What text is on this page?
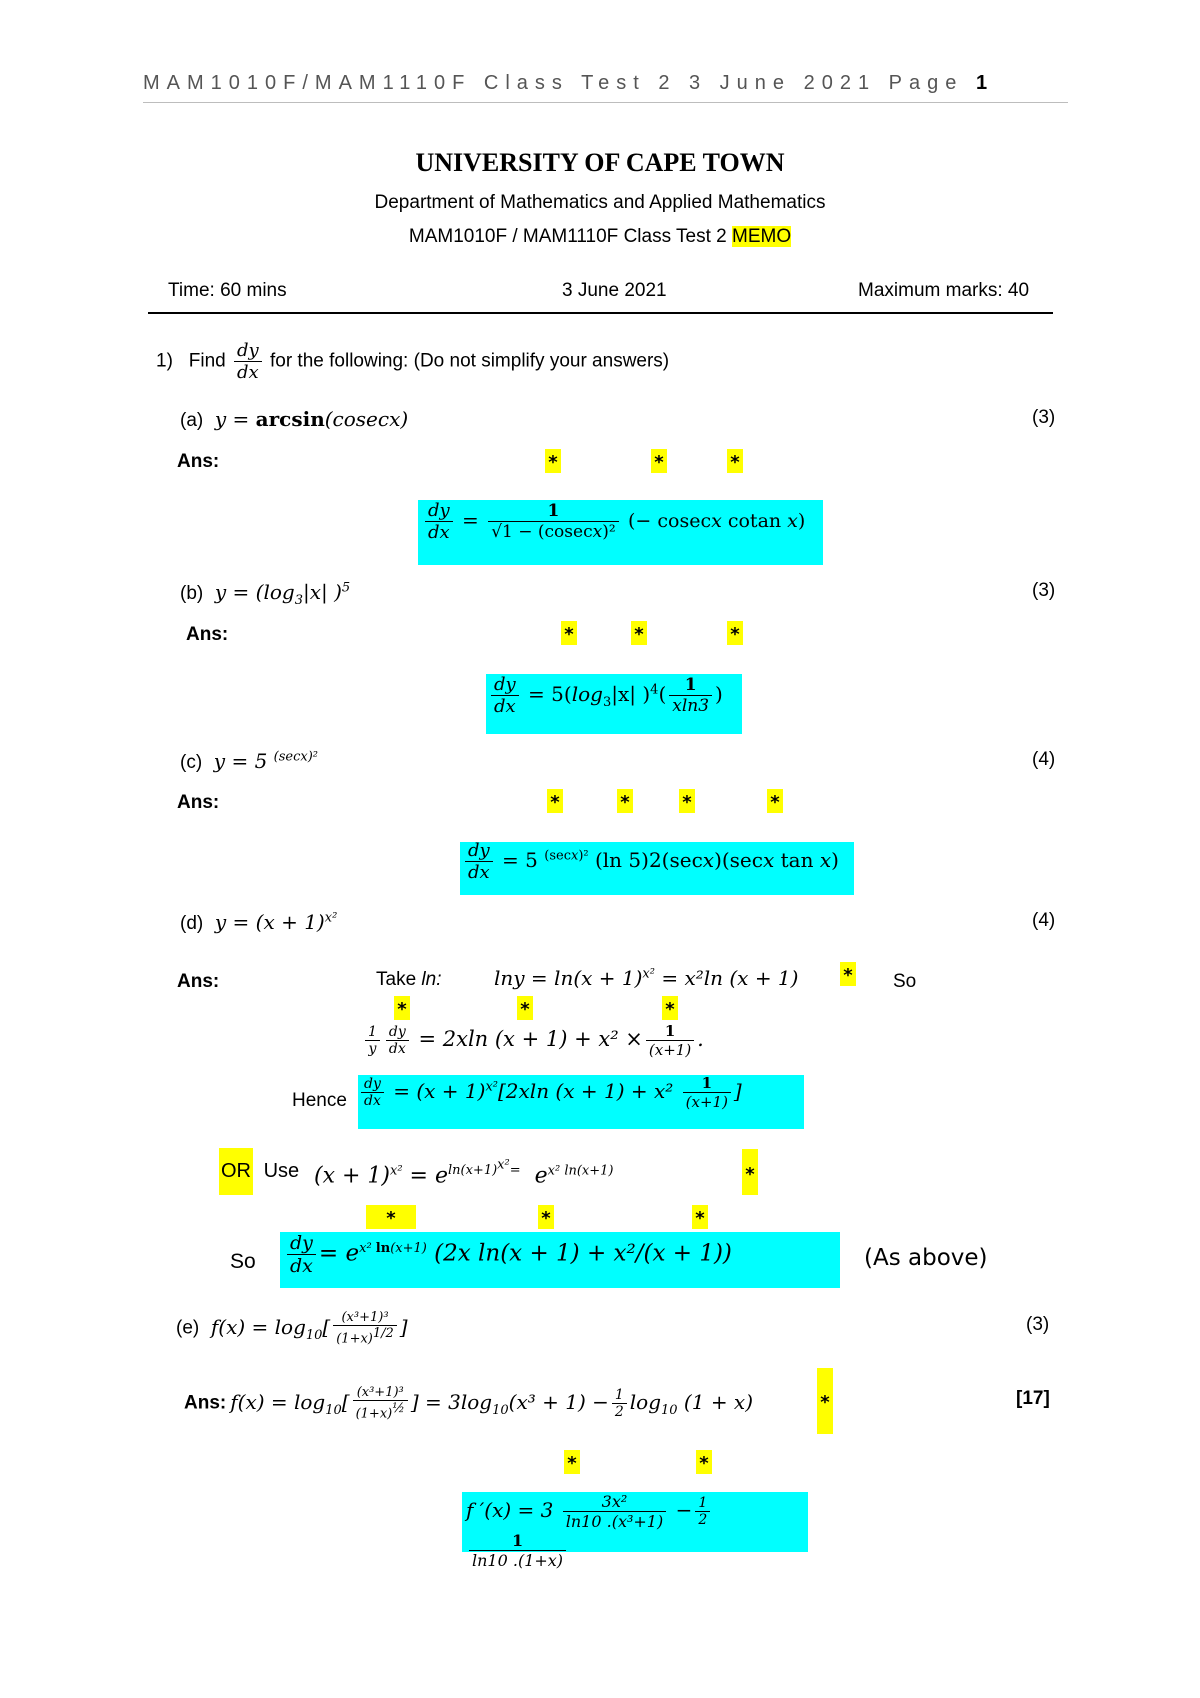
MAM1010F/MAM1110F Class Test 2 3 June 2021 Page 1
UNIVERSITY OF CAPE TOWN
Department of Mathematics and Applied Mathematics
MAM1010F / MAM1110F Class Test 2 MEMO
Time: 60 mins	3 June 2021	Maximum marks: 40
1) Find $\frac{dy}{dx}$ for the following: (Do not simplify your answers)
(a)  y = arcsin(cosecx)	(3)
Ans:	*	*	*
$\frac{dy}{dx} = \frac{1}{\text{√1 − (cosecx)²}}$ (− cosecx cotan x)
(b)  $y = (\log_3|x|$ )$^5$	(3)
Ans:	*	*	*
$\frac{dy}{dx} = 5(\log_3|x|$ )$^4( \frac{1}{xln3}$ )
(c)  y = 5 $^{(secx)^2}$	(4)
Ans:	*	*	*	*
$\frac{dy}{dx} = 5$ $^{(secx)^2}$ (ln 5)2(secx)(secx tan x)
(d)  $y = (x + 1)^{x^2}$	(4)
Ans:	Take ln:	$\ln y = \ln(x + 1)^{x^2} = x^2\ln$ (x + 1) * So
*	*	*
$\frac{1}{y} \frac{dy}{dx} = 2xln$ $(x + 1) + x^2 \times \frac{1}{(x+1)}$ .
Hence $\frac{dy}{dx} = (x + 1)^{x^2}[2xln$ $(x + 1) + x^2 \frac{1}{(x+1)}$ ]
OR Use $(x + 1)^{x^2} = e^{ln(x+1)^{x^2}=}$  $e^{x^2 ln(x+1)}$	*
*	*	*
So $\frac{dy}{dx} = e^{x^2 ln(x+1)}$ (2x ln(x + 1) + x²/(x + 1))	(As above)
(e)  $f(x) = \log_{10}[ \frac{\text{(x³+1)³}}{(1+x)^{1/2}}$ ]	(3)
Ans: $f(x) = \log_{10}[ \frac{\text{(x³+1)³}}{(1+x)^{\frac{1}{2}}}$ ] = $3\log_{10}(x^3 + 1) - \frac{1}{2} \log_{10} (1 + x)$	*	[17]
*	*
f $'(x) = 3 \frac{\text{3x²}}{\text{ln10 .(x³+1)}} - \frac{1}{2}$
$\frac{1}{\ln 10 .(1+x)}$
